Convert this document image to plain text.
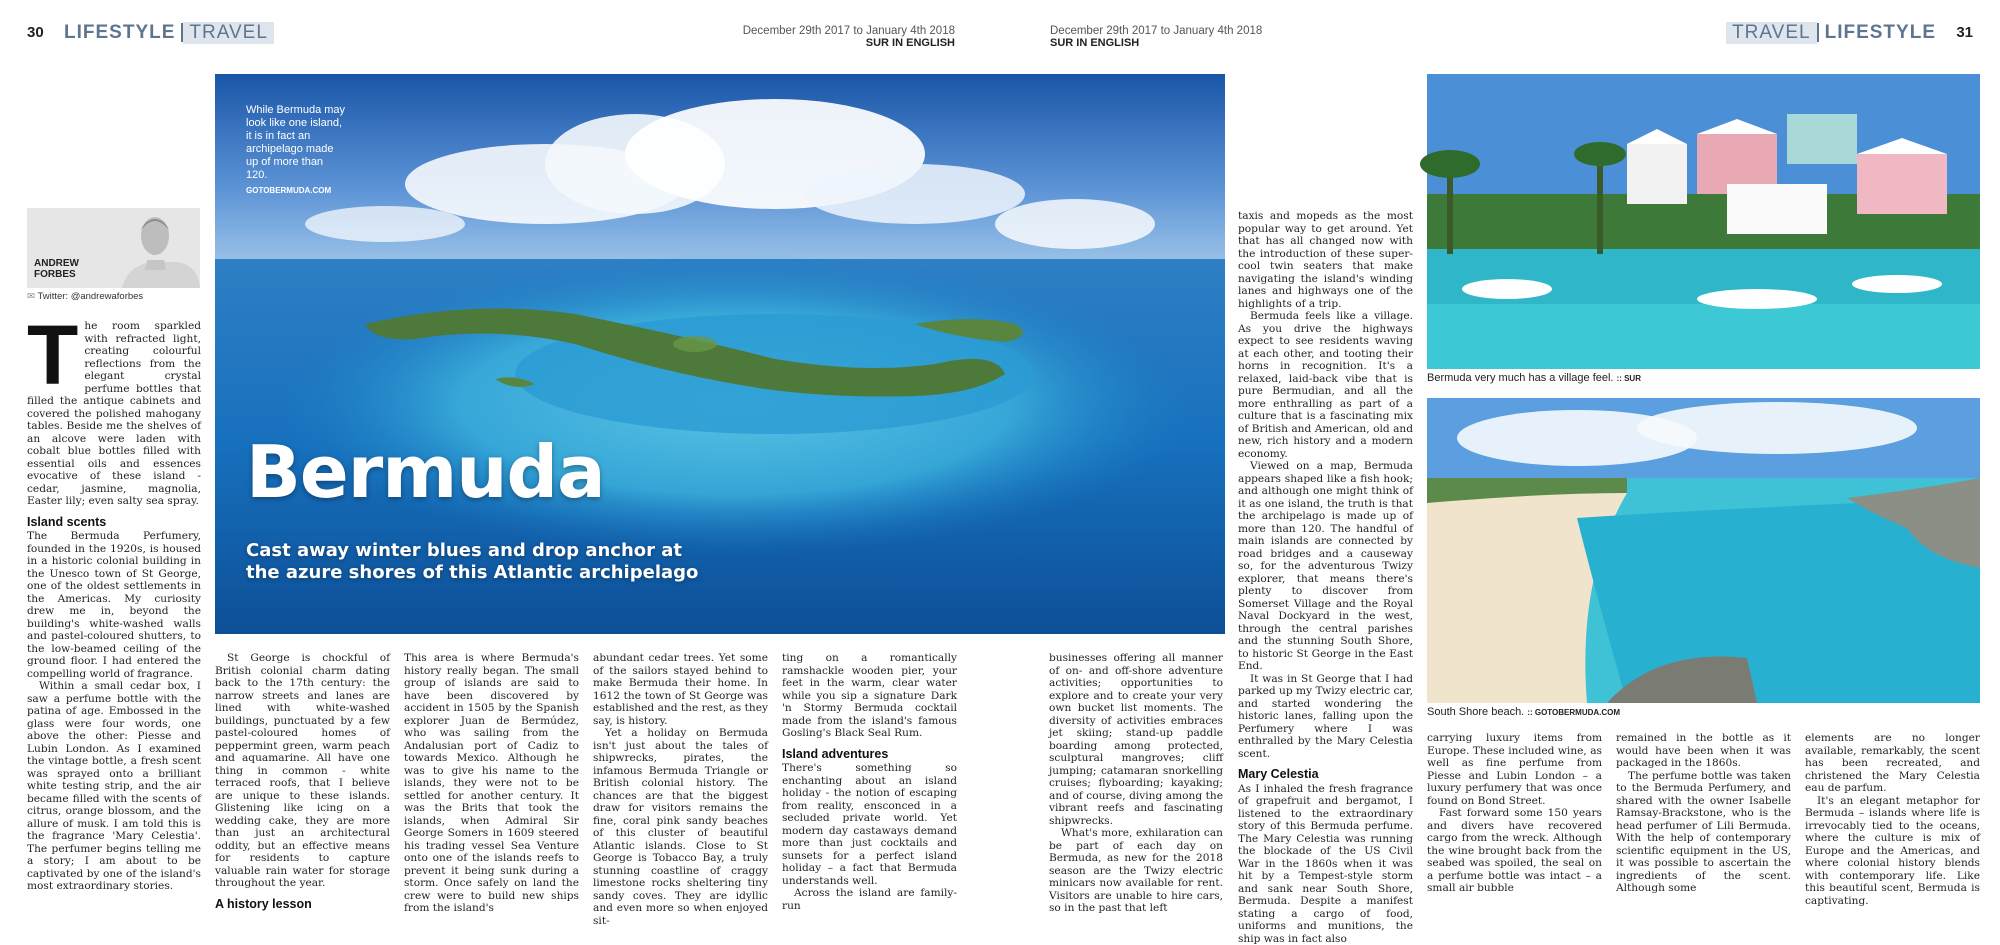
30	LIFESTYLE TRAVEL	December 29th 2017 to January 4th 2018
SUR IN ENGLISH
December 29th 2017 to January 4th 2018
SUR IN ENGLISH
TRAVEL LIFESTYLE	31
ANDREW
FORBES
✉ Twitter: @andrewaforbes
T he room sparkled with refracted light, creating colourful reflections from the elegant crystal perfume bottles that filled the antique cabinets and covered the polished mahogany tables. Beside me the shelves of an alcove were laden with cobalt blue bottles filled with essential oils and essences evocative of these island - cedar, jasmine, magnolia, Easter lily; even salty sea spray.

Island scents

The Bermuda Perfumery, founded in the 1920s, is housed in a historic colonial building in the Unesco town of St George, one of the oldest settlements in the Americas. My curiosity drew me in, beyond the building's white-washed walls and pastel-coloured shutters, to the low-beamed ceiling of the ground floor. I had entered the compelling world of fragrance.

Within a small cedar box, I saw a perfume bottle with the patina of age. Embossed in the glass were four words, one above the other: Piesse and Lubin London. As I examined the vintage bottle, a fresh scent was sprayed onto a brilliant white testing strip, and the air became filled with the scents of citrus, orange blossom, and the allure of musk. I am told this is the fragrance 'Mary Celestia'. The perfumer begins telling me a story; I am about to be captivated by one of the island's most extraordinary stories.

While Bermuda may look like one island, it is in fact an archipelago made up of more than 120.
GOTOBERMUDA.COM
Bermuda
Cast away winter blues and drop anchor at the azure shores of this Atlantic archipelago

St George is chockful of British colonial charm dating back to the 17th century: the narrow streets and lanes are lined with white-washed buildings, punctuated by a few pastel-coloured homes of peppermint green, warm peach and aquamarine. All have one thing in common - white terraced roofs, that I believe are unique to these islands. Glistening like icing on a wedding cake, they are more than just an architectural oddity, but an effective means for residents to capture valuable rain water for storage throughout the year.

A history lesson

This area is where Bermuda's history really began. The small group of islands are said to have been discovered by accident in 1505 by the Spanish explorer Juan de Bermúdez, who was sailing from the Andalusian port of Cadiz to towards Mexico. Although he was to give his name to the islands, they were not to be settled for another century. It was the Brits that took the islands, when Admiral Sir George Somers in 1609 steered his trading vessel Sea Venture onto one of the islands reefs to prevent it being sunk during a storm. Once safely on land the crew were to build new ships from the island's

abundant cedar trees. Yet some of the sailors stayed behind to make Bermuda their home. In 1612 the town of St George was established and the rest, as they say, is history.

Yet a holiday on Bermuda isn't just about the tales of shipwrecks, pirates, the infamous Bermuda Triangle or British colonial history. The chances are that the biggest draw for visitors remains the fine, coral pink sandy beaches of this cluster of beautiful Atlantic islands. Close to St George is Tobacco Bay, a truly stunning coastline of craggy limestone rocks sheltering tiny sandy coves. They are idyllic and even more so when enjoyed sit-

ting on a romantically ramshackle wooden pier, your feet in the warm, clear water while you sip a signature Dark 'n Stormy Bermuda cocktail made from the island's famous Gosling's Black Seal Rum.

Island adventures

There's something so enchanting about an island holiday - the notion of escaping from reality, ensconced in a secluded private world. Yet modern day castaways demand more than just cocktails and sunsets for a perfect island holiday – a fact that Bermuda understands well.

Across the island are family-run

businesses offering all manner of on- and off-shore adventure activities; opportunities to explore and to create your very own bucket list moments. The diversity of activities embraces jet skiing; stand-up paddle boarding among protected, sculptural mangroves; cliff jumping; catamaran snorkelling cruises; flyboarding; kayaking; and of course, diving among the vibrant reefs and fascinating shipwrecks.

What's more, exhilaration can be part of each day on Bermuda, as new for the 2018 season are the Twizy electric minicars now available for rent. Visitors are unable to hire cars, so in the past that left

taxis and mopeds as the most popular way to get around. Yet that has all changed now with the introduction of these super-cool twin seaters that make navigating the island's winding lanes and highways one of the highlights of a trip.

Bermuda feels like a village. As you drive the highways expect to see residents waving at each other, and tooting their horns in recognition. It's a relaxed, laid-back vibe that is pure Bermudian, and all the more enthralling as part of a culture that is a fascinating mix of British and American, old and new, rich history and a modern economy.

Viewed on a map, Bermuda appears shaped like a fish hook; and although one might think of it as one island, the truth is that the archipelago is made up of more than 120. The handful of main islands are connected by road bridges and a causeway so, for the adventurous Twizy explorer, that means there's plenty to discover from Somerset Village and the Royal Naval Dockyard in the west, through the central parishes and the stunning South Shore, to historic St George in the East End.

It was in St George that I had parked up my Twizy electric car, and started wondering the historic lanes, falling upon the Perfumery where I was enthralled by the Mary Celestia scent.

Mary Celestia

As I inhaled the fresh fragrance of grapefruit and bergamot, I listened to the extraordinary story of this Bermuda perfume. The Mary Celestia was running the blockade of the US Civil War in the 1860s when it was hit by a Tempest-style storm and sank near South Shore, Bermuda. Despite a manifest stating a cargo of food, uniforms and munitions, the ship was in fact also

Bermuda very much has a village feel. :: SUR
South Shore beach. :: GOTOBERMUDA.COM

carrying luxury items from Europe. These included wine, as well as fine perfume from Piesse and Lubin London – a luxury perfumery that was once found on Bond Street.

Fast forward some 150 years and divers have recovered cargo from the wreck. Although the wine brought back from the seabed was spoiled, the seal on a perfume bottle was intact – a small air bubble

remained in the bottle as it would have been when it was packaged in the 1860s.

The perfume bottle was taken to the Bermuda Perfumery, and shared with the owner Isabelle Ramsay-Brackstone, who is the head perfumer of Lili Bermuda. With the help of contemporary scientific equipment in the US, it was possible to ascertain the ingredients of the scent. Although some

elements are no longer available, remarkably, the scent has been recreated, and christened the Mary Celestia eau de parfum.

It's an elegant metaphor for Bermuda – islands where life is irrevocably tied to the oceans, where the culture is mix of Europe and the Americas, and where colonial history blends with contemporary life. Like this beautiful scent, Bermuda is captivating.
